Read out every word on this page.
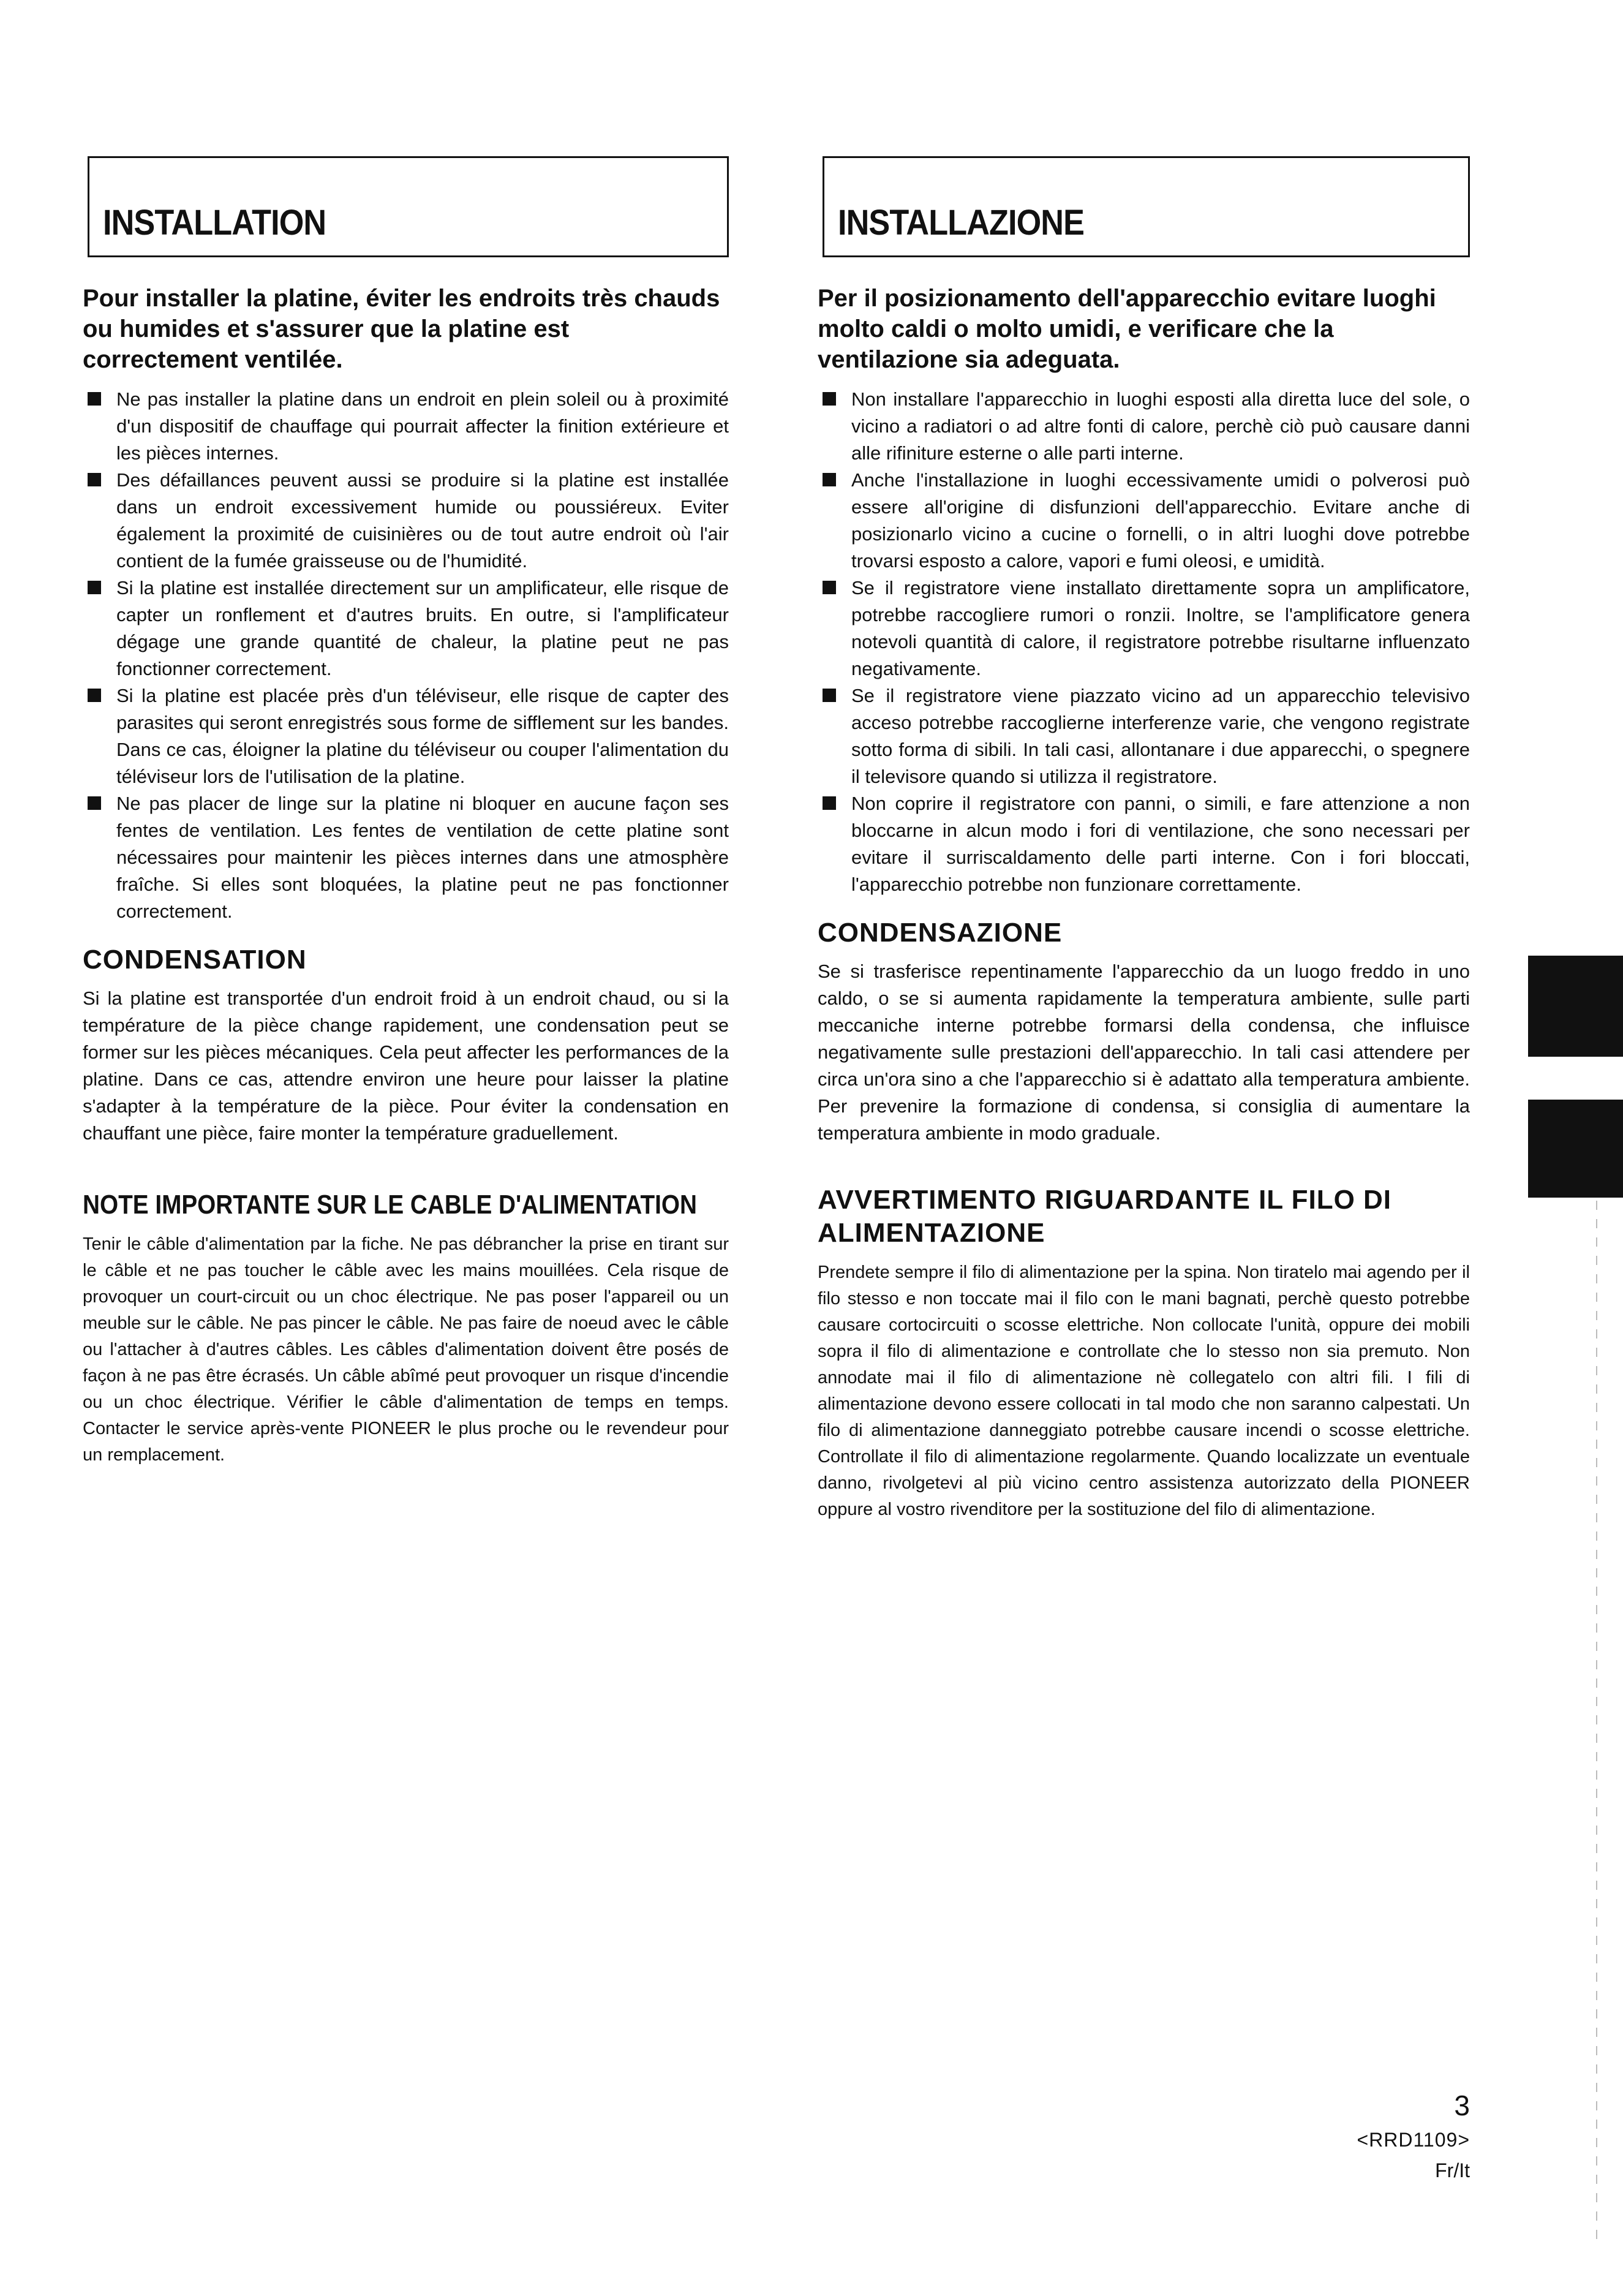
INSTALLATION
Pour installer la platine, éviter les endroits très chauds ou humides et s'assurer que la platine est correctement ventilée.
Ne pas installer la platine dans un endroit en plein soleil ou à proximité d'un dispositif de chauffage qui pourrait affecter la finition extérieure et les pièces internes.
Des défaillances peuvent aussi se produire si la platine est installée dans un endroit excessivement humide ou poussiéreux. Eviter également la proximité de cuisinières ou de tout autre endroit où l'air contient de la fumée graisseuse ou de l'humidité.
Si la platine est installée directement sur un amplificateur, elle risque de capter un ronflement et d'autres bruits. En outre, si l'amplificateur dégage une grande quantité de chaleur, la platine peut ne pas fonctionner correctement.
Si la platine est placée près d'un téléviseur, elle risque de capter des parasites qui seront enregistrés sous forme de sifflement sur les bandes. Dans ce cas, éloigner la platine du téléviseur ou couper l'alimentation du téléviseur lors de l'utilisation de la platine.
Ne pas placer de linge sur la platine ni bloquer en aucune façon ses fentes de ventilation. Les fentes de ventilation de cette platine sont nécessaires pour maintenir les pièces internes dans une atmosphère fraîche. Si elles sont bloquées, la platine peut ne pas fonctionner correctement.
CONDENSATION

Si la platine est transportée d'un endroit froid à un endroit chaud, ou si la température de la pièce change rapidement, une condensation peut se former sur les pièces mécaniques. Cela peut affecter les performances de la platine. Dans ce cas, attendre environ une heure pour laisser la platine s'adapter à la température de la pièce. Pour éviter la condensation en chauffant une pièce, faire monter la température graduellement.

NOTE IMPORTANTE SUR LE CABLE D'ALIMENTATION

Tenir le câble d'alimentation par la fiche. Ne pas débrancher la prise en tirant sur le câble et ne pas toucher le câble avec les mains mouillées. Cela risque de provoquer un court-circuit ou un choc électrique. Ne pas poser l'appareil ou un meuble sur le câble. Ne pas pincer le câble. Ne pas faire de noeud avec le câble ou l'attacher à d'autres câbles. Les câbles d'alimentation doivent être posés de façon à ne pas être écrasés. Un câble abîmé peut provoquer un risque d'incendie ou un choc électrique. Vérifier le câble d'alimentation de temps en temps. Contacter le service après-vente PIONEER le plus proche ou le revendeur pour un remplacement.

INSTALLAZIONE
Per il posizionamento dell'apparecchio evitare luoghi molto caldi o molto umidi, e verificare che la ventilazione sia adeguata.
Non installare l'apparecchio in luoghi esposti alla diretta luce del sole, o vicino a radiatori o ad altre fonti di calore, perchè ciò può causare danni alle rifiniture esterne o alle parti interne.
Anche l'installazione in luoghi eccessivamente umidi o polverosi può essere all'origine di disfunzioni dell'apparecchio. Evitare anche di posizionarlo vicino a cucine o fornelli, o in altri luoghi dove potrebbe trovarsi esposto a calore, vapori e fumi oleosi, e umidità.
Se il registratore viene installato direttamente sopra un amplificatore, potrebbe raccogliere rumori o ronzii. Inoltre, se l'amplificatore genera notevoli quantità di calore, il registratore potrebbe risultarne influenzato negativamente.
Se il registratore viene piazzato vicino ad un apparecchio televisivo acceso potrebbe raccoglierne interferenze varie, che vengono registrate sotto forma di sibili. In tali casi, allontanare i due apparecchi, o spegnere il televisore quando si utilizza il registratore.
Non coprire il registratore con panni, o simili, e fare attenzione a non bloccarne in alcun modo i fori di ventilazione, che sono necessari per evitare il surriscaldamento delle parti interne. Con i fori bloccati, l'apparecchio potrebbe non funzionare correttamente.
CONDENSAZIONE

Se si trasferisce repentinamente l'apparecchio da un luogo freddo in uno caldo, o se si aumenta rapidamente la temperatura ambiente, sulle parti meccaniche interne potrebbe formarsi della condensa, che influisce negativamente sulle prestazioni dell'apparecchio. In tali casi attendere per circa un'ora sino a che l'apparecchio si è adattato alla temperatura ambiente. Per prevenire la formazione di condensa, si consiglia di aumentare la temperatura ambiente in modo graduale.

AVVERTIMENTO RIGUARDANTE IL FILO DI ALIMENTAZIONE

Prendete sempre il filo di alimentazione per la spina. Non tiratelo mai agendo per il filo stesso e non toccate mai il filo con le mani bagnati, perchè questo potrebbe causare cortocircuiti o scosse elettriche. Non collocate l'unità, oppure dei mobili sopra il filo di alimentazione e controllate che lo stesso non sia premuto. Non annodate mai il filo di alimentazione nè collegatelo con altri fili. I fili di alimentazione devono essere collocati in tal modo che non saranno calpestati. Un filo di alimentazione danneggiato potrebbe causare incendi o scosse elettriche. Controllate il filo di alimentazione regolarmente. Quando localizzate un eventuale danno, rivolgetevi al più vicino centro assistenza autorizzato della PIONEER oppure al vostro rivenditore per la sostituzione del filo di alimentazione.

3
<RRD1109>
Fr/It
